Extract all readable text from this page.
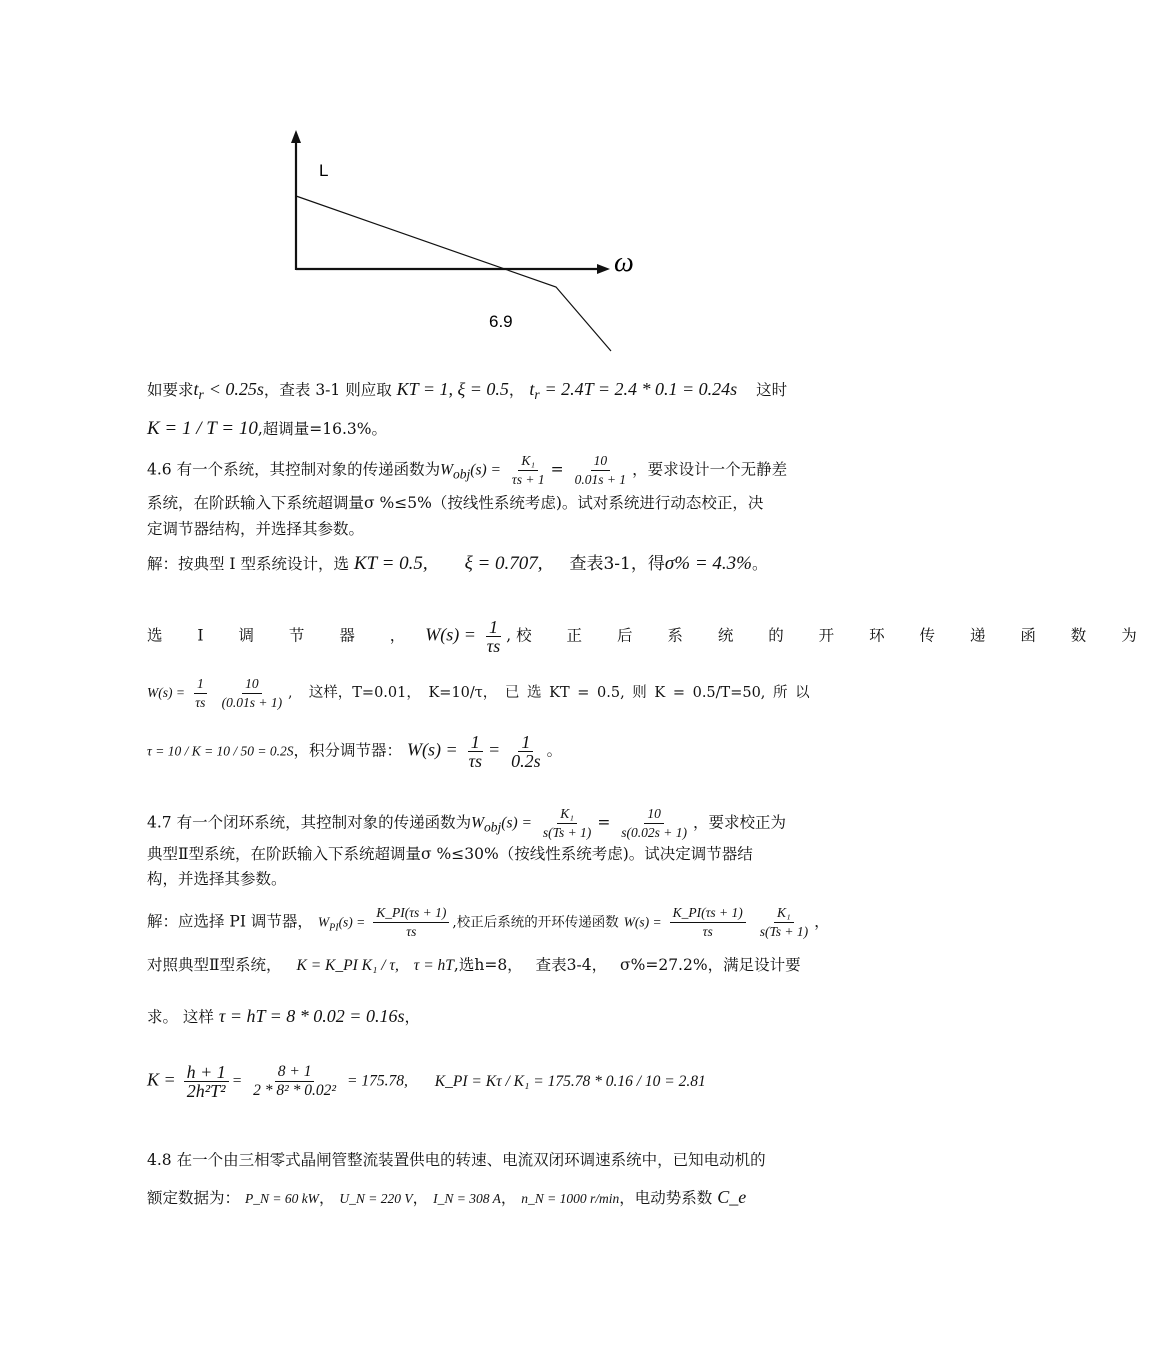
L
ω
6.9
如要求$t_r < 0.25s$，查表 3-1 则应取 KT = 1, ξ = 0.5， $t_r = 2.4T = 2.4 * 0.1 = 0.24s$ 这时
K = 1 / T = 10,超调量=16.3%。
4.6 有一个系统，其控制对象的传递函数为$W_{obj}(s) = \frac{\text{K₁}}{\tau s + 1} = \frac{10}{0.01s + 1}$ ，要求设计一个无静差
系统，在阶跃输入下系统超调量σ %≤5%（按线性系统考虑)。试对系统进行动态校正，决
定调节器结构，并选择其参数。
解：按典型 I 型系统设计，选 KT = 0.5, ξ = 0.707, 查表3-1，得σ% = 4.3%。
选 I 调 节 器 ， $W(s) = \frac{1}{\tau s}$ , 校 正 后 系 统 的 开 环 传 递 函 数 为
$W(s) = \frac{1}{\tau s}$
$\frac{10}{(0.01s + 1)}$ , 这样，T=0.01， K=10/τ， 已 选 KT = 0.5, 则 K = 0.5/T=50, 所 以
τ = 10 / K = 10 / 50 = 0.2S，积分调节器： $W(s) = \frac{1}{\tau s} = \frac{1}{0.2s}$ 。
4.7 有一个闭环系统，其控制对象的传递函数为$W_{obj}(s) = \frac{\text{K₁}}{s(Ts + 1)} = \frac{10}{s(0.02s + 1)}$ ，要求校正为
典型Ⅱ型系统，在阶跃输入下系统超调量σ %≤30%（按线性系统考虑)。试决定调节器结
构，并选择其参数。
解：应选择 PI 调节器， $W_{PI}(s) = \frac{K\_PI(\tau s + 1)}{\tau s}$ ,校正后系统的开环传递函数 $W(s) = \frac{K\_PI(\tau s + 1)}{\tau s}$
$\frac{\text{K₁}}{s(Ts + 1)}$ ，
对照典型Ⅱ型系统， K = K_PI K₁ / τ, τ = hT,选h=8， 查表3-4， σ%=27.2%，满足设计要
求。 这样 τ = hT = 8 * 0.02 = 0.16s，
$K = \frac{h + 1}{\text{2h²T²}} = \frac{8 + 1}{\text{2 * 8² * 0.02²}} = 175.78$, K_PI = Kτ / K₁ = 175.78 * 0.16 / 10 = 2.81
4.8 在一个由三相零式晶闸管整流装置供电的转速、电流双闭环调速系统中，已知电动机的
额定数据为： P_N = 60 kW， U_N = 220 V， I_N = 308 A， n_N = 1000 r/min，电动势系数 C_e
